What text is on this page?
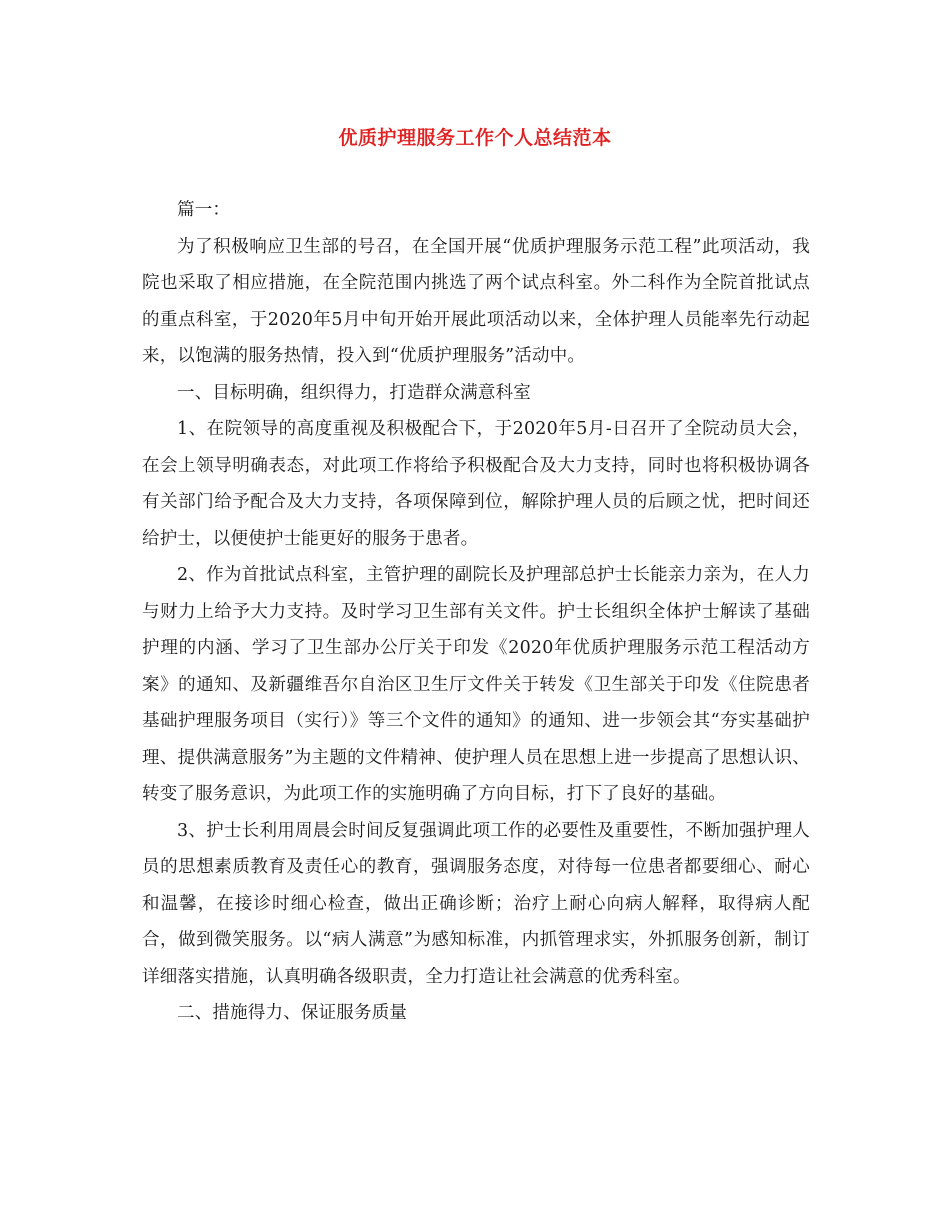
优质护理服务工作个人总结范本

篇一：

为了积极响应卫生部的号召，在全国开展“优质护理服务示范工程”此项活动，我院也采取了相应措施，在全院范围内挑选了两个试点科室。外二科作为全院首批试点的重点科室，于2020年5月中旬开始开展此项活动以来，全体护理人员能率先行动起来，以饱满的服务热情，投入到“优质护理服务”活动中。

一、目标明确，组织得力，打造群众满意科室

1、在院领导的高度重视及积极配合下，于2020年5月-日召开了全院动员大会，在会上领导明确表态，对此项工作将给予积极配合及大力支持，同时也将积极协调各有关部门给予配合及大力支持，各项保障到位，解除护理人员的后顾之忧，把时间还给护士，以便使护士能更好的服务于患者。

2、作为首批试点科室，主管护理的副院长及护理部总护士长能亲力亲为，在人力与财力上给予大力支持。及时学习卫生部有关文件。护士长组织全体护士解读了基础护理的内涵、学习了卫生部办公厅关于印发《2020年优质护理服务示范工程活动方案》的通知、及新疆维吾尔自治区卫生厅文件关于转发《卫生部关于印发《住院患者基础护理服务项目（实行）》等三个文件的通知》的通知、进一步领会其“夯实基础护理、提供满意服务”为主题的文件精神、使护理人员在思想上进一步提高了思想认识、转变了服务意识，为此项工作的实施明确了方向目标，打下了良好的基础。

3、护士长利用周晨会时间反复强调此项工作的必要性及重要性，不断加强护理人员的思想素质教育及责任心的教育，强调服务态度，对待每一位患者都要细心、耐心和温馨，在接诊时细心检查，做出正确诊断；治疗上耐心向病人解释，取得病人配合，做到微笑服务。以“病人满意”为感知标准，内抓管理求实，外抓服务创新，制订详细落实措施，认真明确各级职责，全力打造让社会满意的优秀科室。

二、措施得力、保证服务质量
